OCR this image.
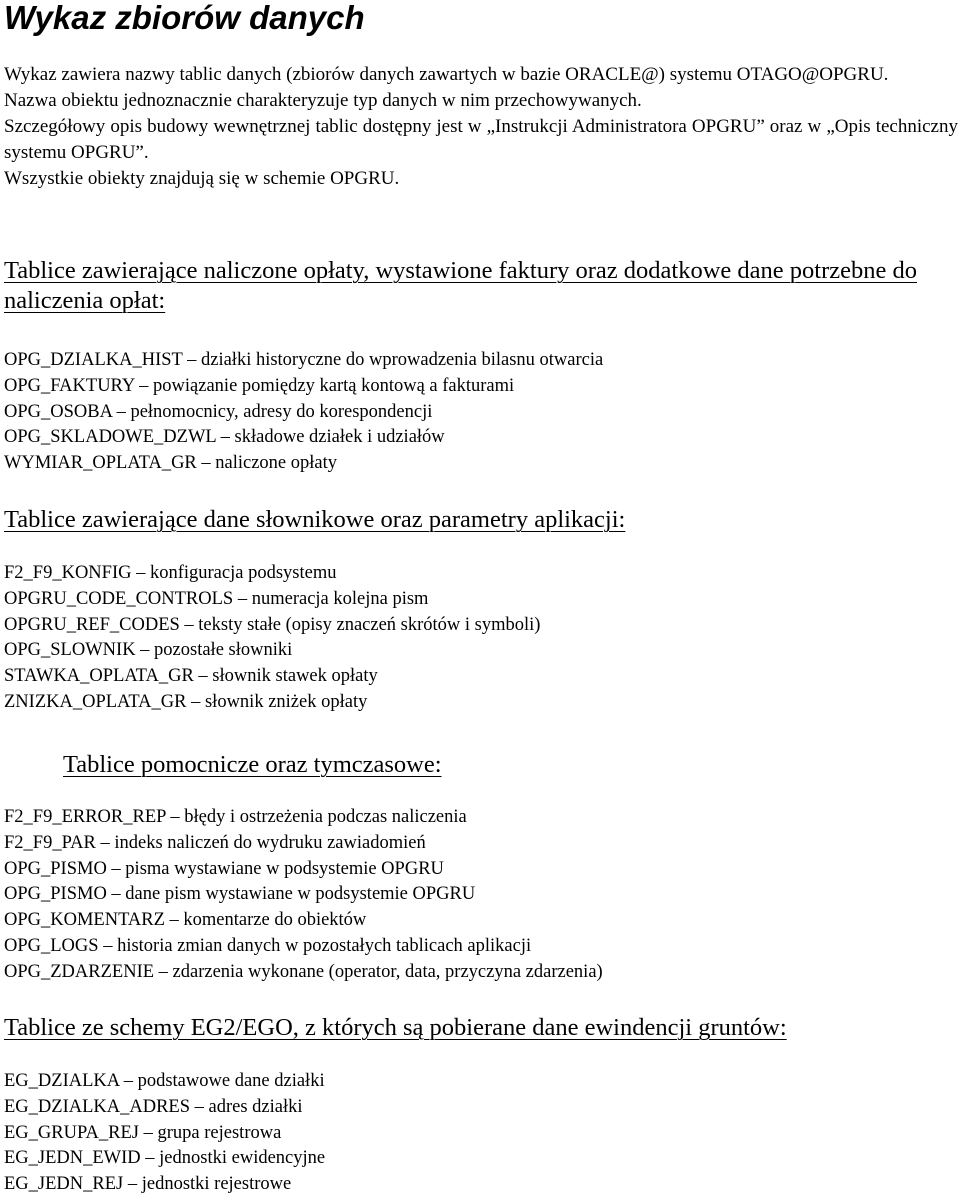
Wykaz zbiorów danych

Wykaz zawiera nazwy tablic danych (zbiorów danych zawartych w bazie ORACLE@) systemu OTAGO@OPGRU.

Nazwa obiektu jednoznacznie charakteryzuje typ danych w nim przechowywanych.

Szczegółowy opis budowy wewnętrznej tablic dostępny jest w „Instrukcji Administratora OPGRU” oraz w „Opis techniczny systemu OPGRU”.

Wszystkie obiekty znajdują się w schemie OPGRU.

Tablice zawierające naliczone opłaty, wystawione faktury oraz dodatkowe dane potrzebne do naliczenia opłat:
OPG_DZIALKA_HIST – działki historyczne do wprowadzenia bilasnu otwarcia
OPG_FAKTURY – powiązanie pomiędzy kartą kontową a fakturami
OPG_OSOBA – pełnomocnicy, adresy do korespondencji
OPG_SKLADOWE_DZWL – składowe działek i udziałów
WYMIAR_OPLATA_GR – naliczone opłaty
Tablice zawierające dane słownikowe oraz parametry aplikacji:
F2_F9_KONFIG – konfiguracja podsystemu
OPGRU_CODE_CONTROLS – numeracja kolejna pism
OPGRU_REF_CODES – teksty stałe (opisy znaczeń skrótów i symboli)
OPG_SLOWNIK – pozostałe słowniki
STAWKA_OPLATA_GR – słownik stawek opłaty
ZNIZKA_OPLATA_GR – słownik zniżek opłaty
Tablice pomocnicze oraz tymczasowe:
F2_F9_ERROR_REP – błędy i ostrzeżenia podczas naliczenia
F2_F9_PAR – indeks naliczeń do wydruku zawiadomień
OPG_PISMO – pisma wystawiane w podsystemie OPGRU
OPG_PISMO – dane pism wystawiane w podsystemie OPGRU
OPG_KOMENTARZ – komentarze do obiektów
OPG_LOGS – historia zmian danych w pozostałych tablicach aplikacji
OPG_ZDARZENIE – zdarzenia wykonane (operator, data, przyczyna zdarzenia)
Tablice ze schemy EG2/EGO, z których są pobierane dane ewindencji gruntów:
EG_DZIALKA – podstawowe dane działki
EG_DZIALKA_ADRES – adres działki
EG_GRUPA_REJ – grupa rejestrowa
EG_JEDN_EWID – jednostki ewidencyjne
EG_JEDN_REJ – jednostki rejestrowe
